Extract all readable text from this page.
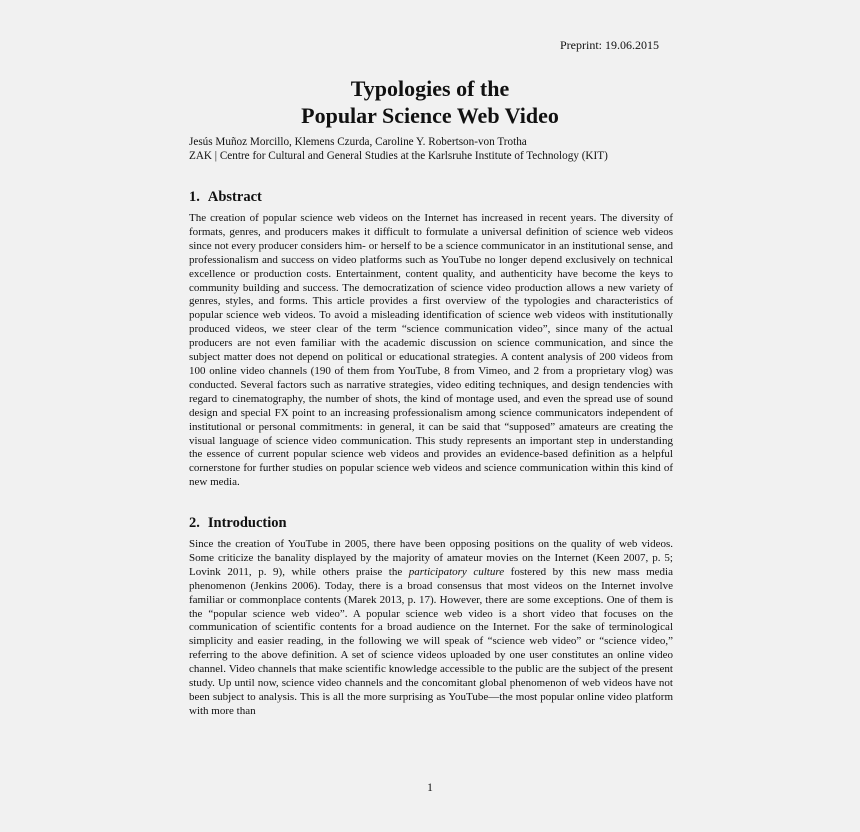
Preprint: 19.06.2015
Typologies of the
Popular Science Web Video
Jesús Muñoz Morcillo, Klemens Czurda, Caroline Y. Robertson-von Trotha
ZAK | Centre for Cultural and General Studies at the Karlsruhe Institute of Technology (KIT)
1. Abstract

The creation of popular science web videos on the Internet has increased in recent years. The diversity of formats, genres, and producers makes it difficult to formulate a universal definition of science web videos since not every producer considers him- or herself to be a science communicator in an institutional sense, and professionalism and success on video platforms such as YouTube no longer depend exclusively on technical excellence or production costs. Entertainment, content quality, and authenticity have become the keys to community building and success. The democratization of science video production allows a new variety of genres, styles, and forms. This article provides a first overview of the typologies and characteristics of popular science web videos. To avoid a misleading identification of science web videos with institutionally produced videos, we steer clear of the term “science communication video”, since many of the actual producers are not even familiar with the academic discussion on science communication, and since the subject matter does not depend on political or educational strategies. A content analysis of 200 videos from 100 online video channels (190 of them from YouTube, 8 from Vimeo, and 2 from a proprietary vlog) was conducted. Several factors such as narrative strategies, video editing techniques, and design tendencies with regard to cinematography, the number of shots, the kind of montage used, and even the spread use of sound design and special FX point to an increasing professionalism among science communicators independent of institutional or personal commitments: in general, it can be said that “supposed” amateurs are creating the visual language of science video communication. This study represents an important step in understanding the essence of current popular science web videos and provides an evidence-based definition as a helpful cornerstone for further studies on popular science web videos and science communication within this kind of new media.

2. Introduction

Since the creation of YouTube in 2005, there have been opposing positions on the quality of web videos. Some criticize the banality displayed by the majority of amateur movies on the Internet (Keen 2007, p. 5; Lovink 2011, p. 9), while others praise the participatory culture fostered by this new mass media phenomenon (Jenkins 2006). Today, there is a broad consensus that most videos on the Internet involve familiar or commonplace contents (Marek 2013, p. 17). However, there are some exceptions. One of them is the “popular science web video”. A popular science web video is a short video that focuses on the communication of scientific contents for a broad audience on the Internet. For the sake of terminological simplicity and easier reading, in the following we will speak of “science web video” or “science video,” referring to the above definition. A set of science videos uploaded by one user constitutes an online video channel. Video channels that make scientific knowledge accessible to the public are the subject of the present study. Up until now, science video channels and the concomitant global phenomenon of web videos have not been subject to analysis. This is all the more surprising as YouTube—the most popular online video platform with more than

1
